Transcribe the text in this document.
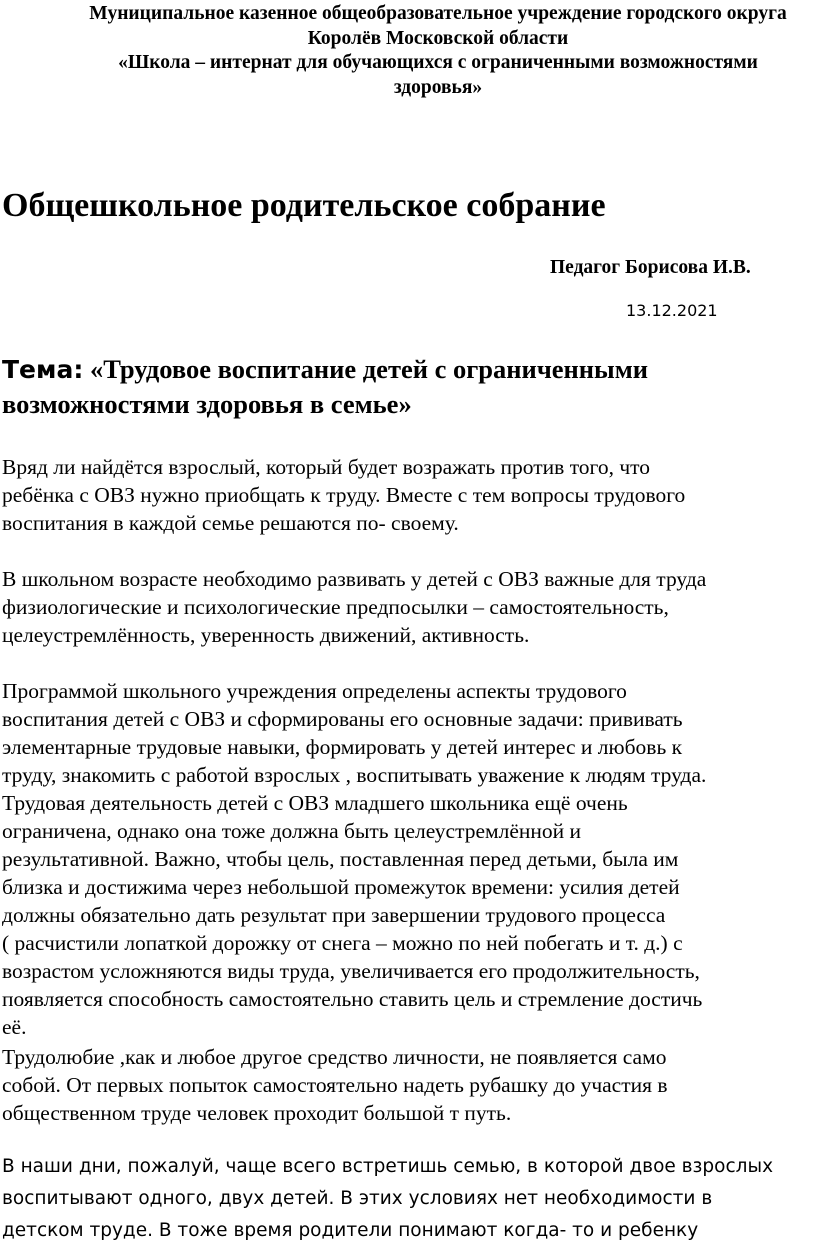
Муниципальное казенное общеобразовательное учреждение городского округа
Королёв Московской области
«Школа – интернат для обучающихся с ограниченными возможностями
здоровья»
Общешкольное родительское собрание
Педагог Борисова И.В.
13.12.2021
Тема: «Трудовое воспитание детей с ограниченными
возможностями здоровья в семье»
Вряд ли найдётся взрослый, который будет возражать против того, что
ребёнка с ОВЗ нужно приобщать к труду. Вместе с тем вопросы трудового
воспитания в каждой семье решаются по- своему.
В школьном возрасте необходимо развивать у детей с ОВЗ важные для труда
физиологические и психологические предпосылки – самостоятельность,
целеустремлённость, уверенность движений, активность.
Программой школьного учреждения определены аспекты трудового
воспитания детей с ОВЗ и сформированы его основные задачи: прививать
элементарные трудовые навыки, формировать у детей интерес и любовь к
труду, знакомить с работой взрослых , воспитывать уважение к людям труда.
Трудовая деятельность детей с ОВЗ младшего школьника ещё очень
ограничена, однако она тоже должна быть целеустремлённой и
результативной. Важно, чтобы цель, поставленная перед детьми, была им
близка и достижима через небольшой промежуток времени: усилия детей
должны обязательно дать результат при завершении трудового процесса
( расчистили лопаткой дорожку от снега – можно по ней побегать и т. д.) с
возрастом усложняются виды труда, увеличивается его продолжительность,
появляется способность самостоятельно ставить цель и стремление достичь
её.
Трудолюбие ,как и любое другое средство личности, не появляется само
собой. От первых попыток самостоятельно надеть рубашку до участия в
общественном труде человек проходит большой т путь.
В наши дни, пожалуй, чаще всего встретишь семью, в которой двое взрослых
воспитывают одного, двух детей. В этих условиях нет необходимости в
детском труде. В тоже время родители понимают когда- то и ребенку
